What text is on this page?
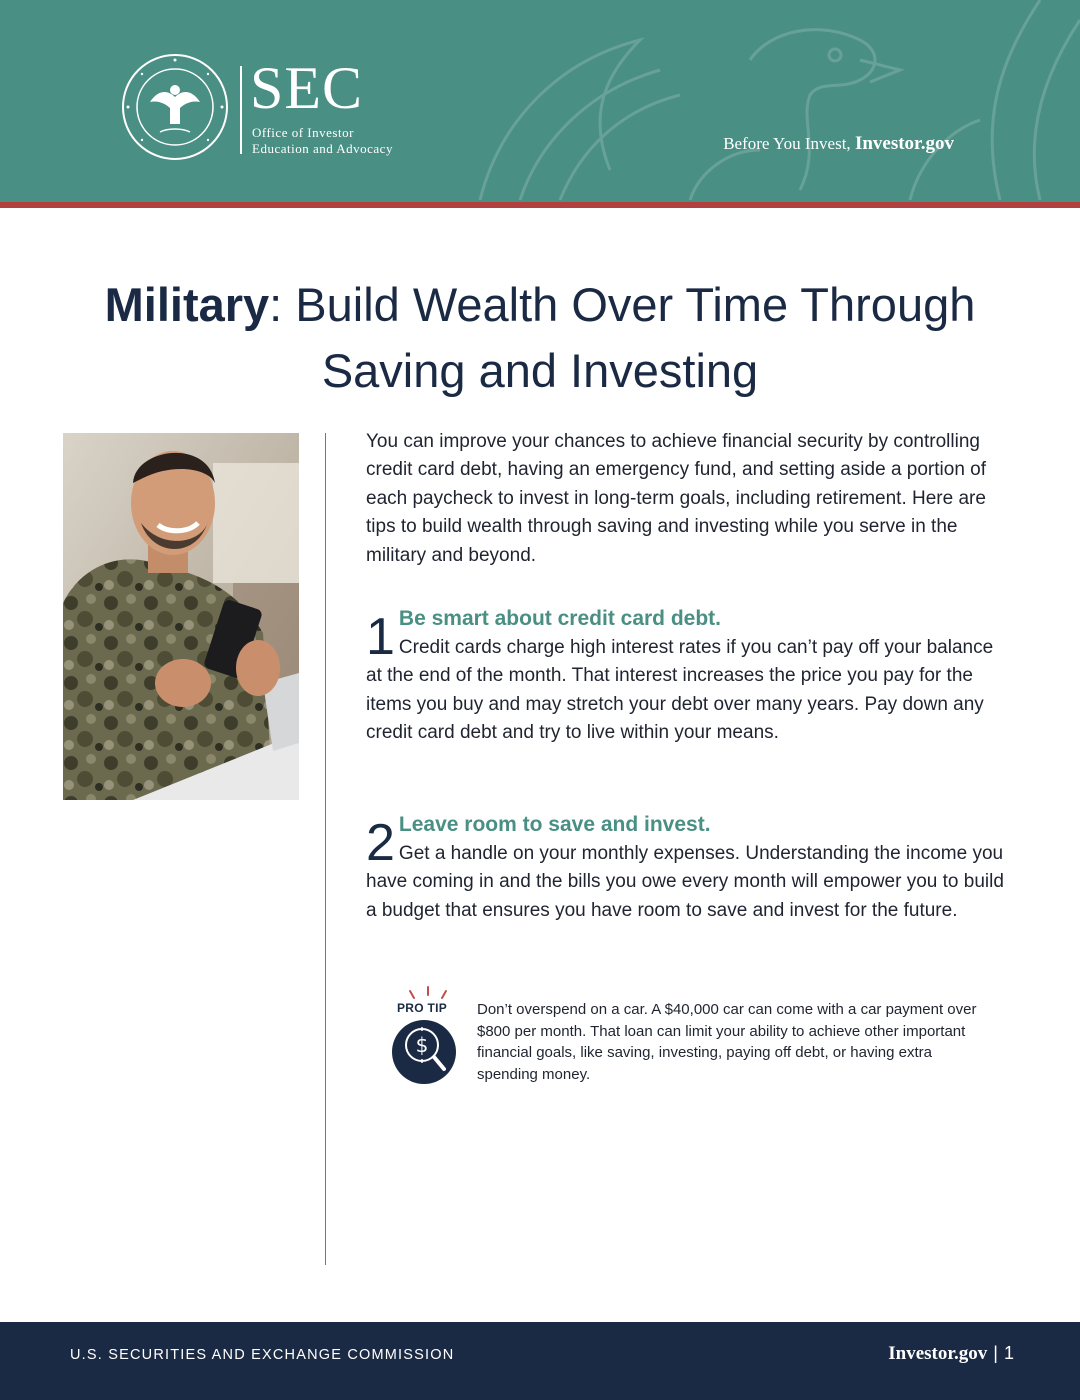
SEC
Office of Investor
Education and Advocacy	Before You Invest, Investor.gov
Military: Build Wealth Over Time Through Saving and Investing

You can improve your chances to achieve financial security by controlling credit card debt, having an emergency fund, and setting aside a portion of each paycheck to invest in long-term goals, including retirement. Here are tips to build wealth through saving and investing while you serve in the military and beyond.

1 Be smart about credit card debt.
Credit cards charge high interest rates if you can’t pay off your balance at the end of the month. That interest increases the price you pay for the items you buy and may stretch your debt over many years. Pay down any credit card debt and try to live within your means.
2 Leave room to save and invest.
Get a handle on your monthly expenses. Understanding the income you have coming in and the bills you owe every month will empower you to build a budget that ensures you have room to save and invest for the future.
$
PRO TIP Don’t overspend on a car. A $40,000 car can come with a car payment over $800 per month. That loan can limit your ability to achieve other important financial goals, like saving, investing, paying off debt, or having extra spending money.

U.S. SECURITIES AND EXCHANGE COMMISSION	Investor.gov | 1
